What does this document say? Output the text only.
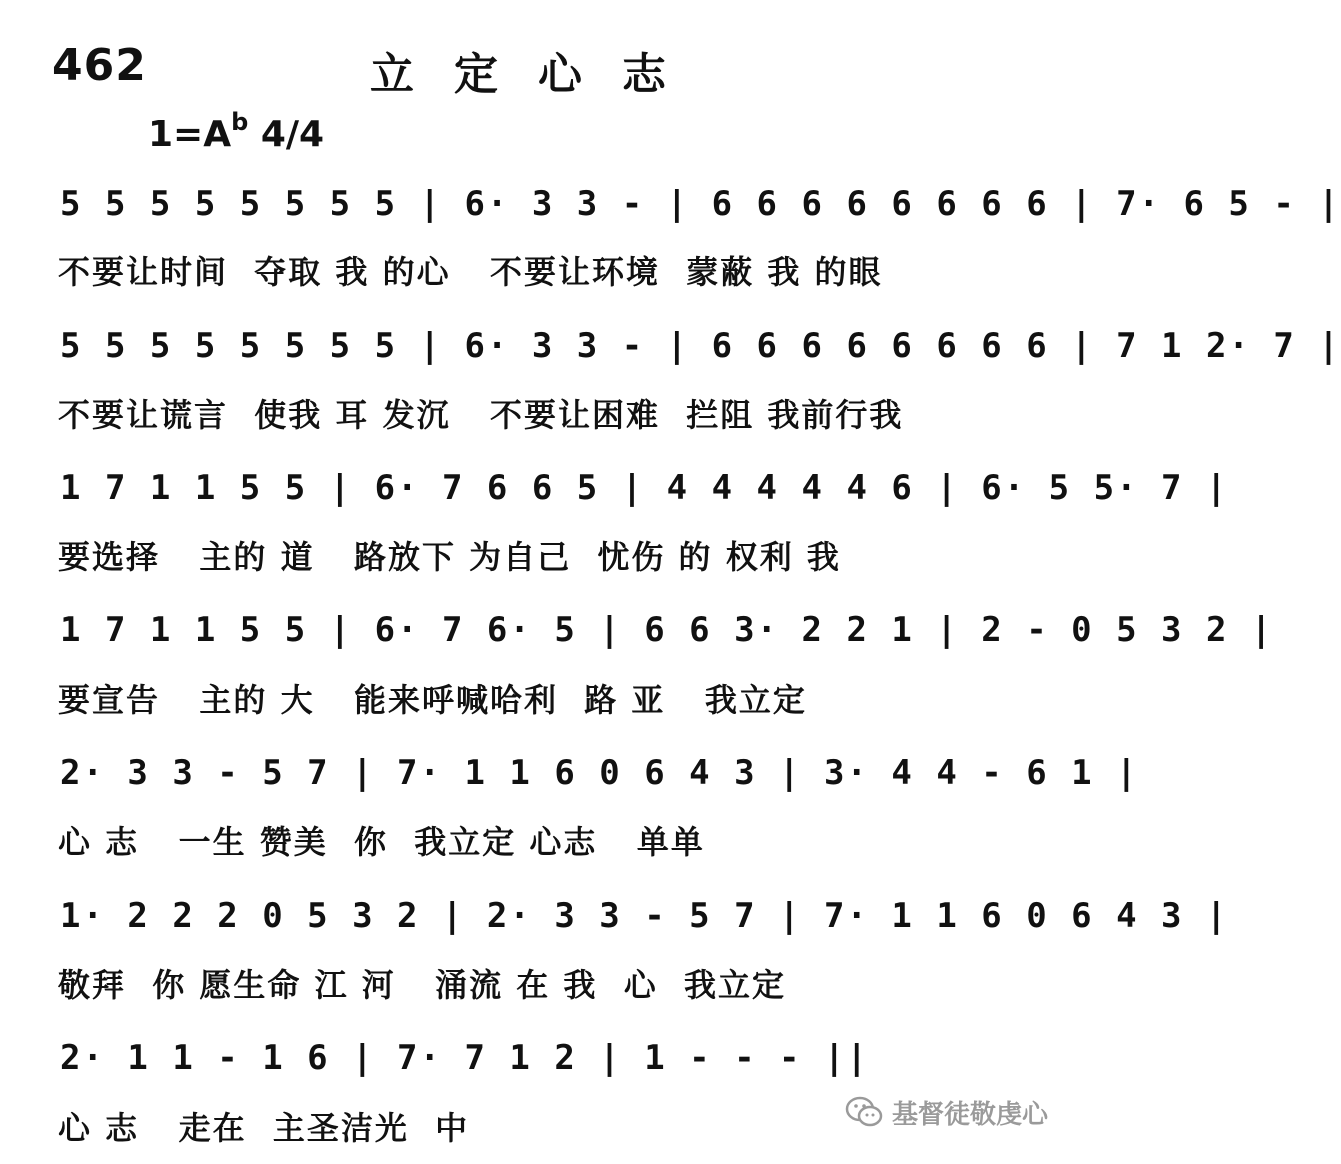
462	立定心志
$1=A^b$ 4/4
5 5 5 5 5 5 5 5 | 6· 3 3 - | 6 6 6 6 6 6 6 6 | 7· 6 5 - |
不要让时间  夺取 我 的心   不要让环境  蒙蔽 我 的眼
5 5 5 5 5 5 5 5 | 6· 3 3 - | 6 6 6 6 6 6 6 6 | 7 1 2· 7 |
不要让谎言  使我 耳 发沉   不要让困难  拦阻 我前行我
1 7 1 1 5 5 | 6· 7 6 6 5 | 4 4 4 4 4 6 | 6· 5 5· 7 |
要选择   主的 道   路放下 为自己  忧伤 的 权利 我
1 7 1 1 5 5 | 6· 7 6· 5 | 6 6 3· 2 2 1 | 2 - 0 5 3 2 |
要宣告   主的 大   能来呼喊哈利  路 亚   我立定
2· 3 3 - 5 7 | 7· 1 1 6 0 6 4 3 | 3· 4 4 - 6 1 |
心 志   一生 赞美  你  我立定 心志   单单
1· 2 2 2 0 5 3 2 | 2· 3 3 - 5 7 | 7· 1 1 6 0 6 4 3 |
敬拜  你 愿生命 江 河   涌流 在 我  心  我立定
2· 1 1 - 1 6 | 7· 7 1 2 | 1 - - - ||
心 志   走在  主圣洁光  中	基督徒敬虔心
